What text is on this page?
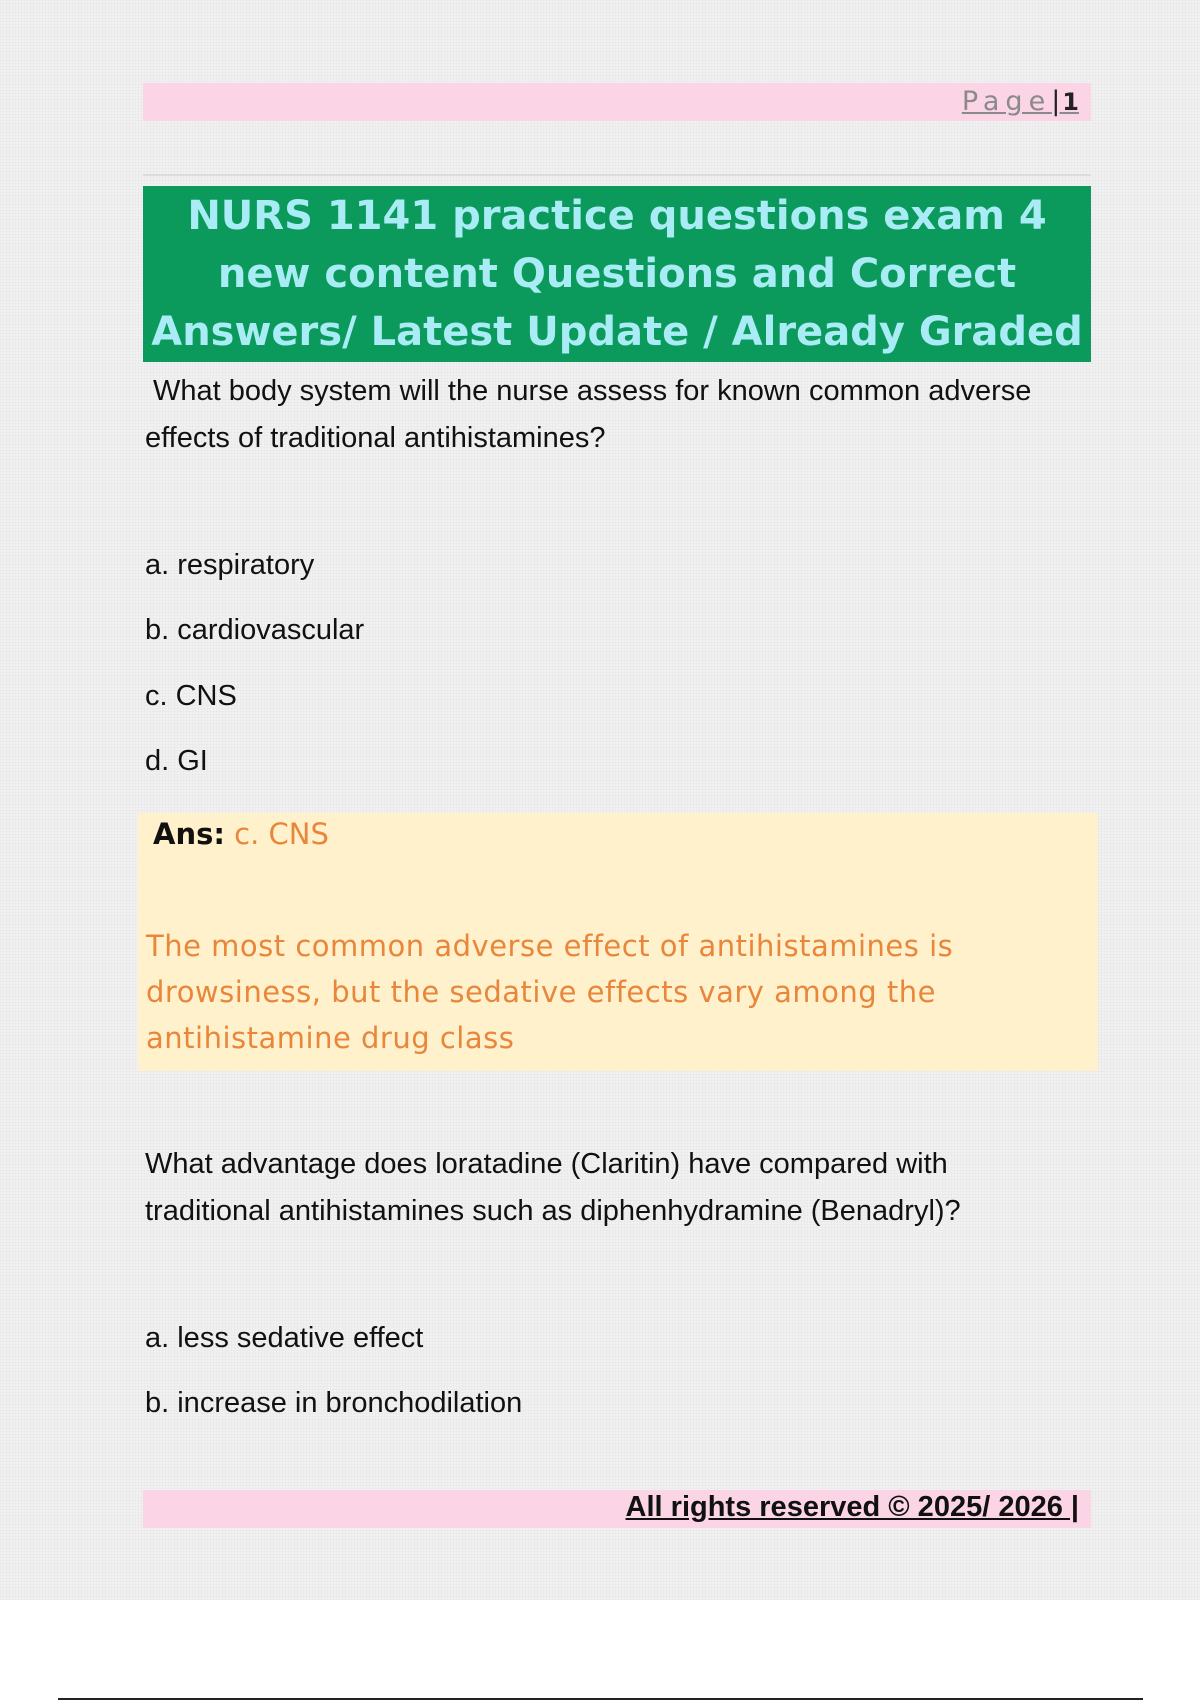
Page|1
NURS 1141 practice questions exam 4 new content Questions and Correct Answers/ Latest Update / Already Graded
What body system will the nurse assess for known common adverse effects of traditional antihistamines?
a. respiratory
b. cardiovascular
c. CNS
d. GI
Ans: c. CNS
The most common adverse effect of antihistamines is drowsiness, but the sedative effects vary among the antihistamine drug class
What advantage does loratadine (Claritin) have compared with traditional antihistamines such as diphenhydramine (Benadryl)?
a. less sedative effect
b. increase in bronchodilation
All rights reserved © 2025/ 2026 |
